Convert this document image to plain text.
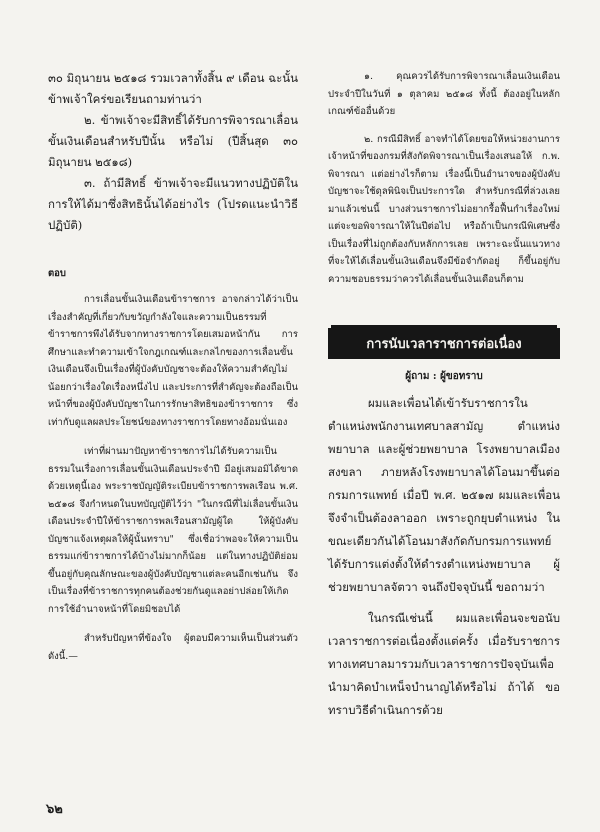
๓๐ มิถุนายน ๒๕๑๘ รวมเวลาทั้งสิ้น ๙ เดือน ฉะนั้น ข้าพเจ้าใคร่ขอเรียนถามท่านว่า

๒. ข้าพเจ้าจะมีสิทธิ์ได้รับการพิจารณาเลื่อนขั้นเงินเดือนสำหรับปีนั้น หรือไม่ (ปีสิ้นสุด ๓๐ มิถุนายน ๒๕๑๘)

๓. ถ้ามีสิทธิ์ ข้าพเจ้าจะมีแนวทางปฏิบัติในการให้ได้มาซึ่งสิทธินั้นได้อย่างไร (โปรดแนะนำวิธีปฏิบัติ)

ตอบ

การเลื่อนขั้นเงินเดือนข้าราชการ อาจกล่าวได้ว่าเป็นเรื่องสำคัญที่เกี่ยวกับขวัญกำลังใจและความเป็นธรรมที่ข้าราชการพึงได้รับจากทางราชการโดยเสมอหน้ากัน การศึกษาและทำความเข้าใจกฎเกณฑ์และกลไกของการเลื่อนขั้นเงินเดือนจึงเป็นเรื่องที่ผู้บังคับบัญชาจะต้องให้ความสำคัญไม่น้อยกว่าเรื่องใดเรื่องหนึ่งไป และประการที่สำคัญจะต้องถือเป็นหน้าที่ของผู้บังคับบัญชาในการรักษาสิทธิของข้าราชการ ซึ่งเท่ากับดูแลผลประโยชน์ของทางราชการโดยทางอ้อมนั่นเอง

เท่าที่ผ่านมาปัญหาข้าราชการไม่ได้รับความเป็นธรรมในเรื่องการเลื่อนขั้นเงินเดือนประจำปี มีอยู่เสมอมิได้ขาด ด้วยเหตุนี้เอง พระราชบัญญัติระเบียบข้าราชการพลเรือน พ.ศ. ๒๕๑๘ จึงกำหนดในบทบัญญัติไว้ว่า "ในกรณีที่ไม่เลื่อนขั้นเงินเดือนประจำปีให้ข้าราชการพลเรือนสามัญผู้ใด ให้ผู้บังคับบัญชาแจ้งเหตุผลให้ผู้นั้นทราบ" ซึ่งเชื่อว่าพอจะให้ความเป็นธรรมแก่ข้าราชการได้บ้างไม่มากก็น้อย แต่ในทางปฏิบัติย่อมขึ้นอยู่กับคุณลักษณะของผู้บังคับบัญชาแต่ละคนอีกเช่นกัน จึงเป็นเรื่องที่ข้าราชการทุกคนต้องช่วยกันดูแลอย่าปล่อยให้เกิดการใช้อำนาจหน้าที่โดยมิชอบได้

สำหรับปัญหาที่ข้องใจ ผู้ตอบมีความเห็นเป็นส่วนตัวดังนี้.—

๑. คุณควรได้รับการพิจารณาเลื่อนเงินเดือนประจำปีในวันที่ ๑ ตุลาคม ๒๕๑๘ ทั้งนี้ ต้องอยู่ในหลักเกณฑ์ข้ออื่นด้วย

๒. กรณีมีสิทธิ์ อาจทำได้โดยขอให้หน่วยงานการเจ้าหน้าที่ของกรมที่สังกัดพิจารณาเป็นเรื่องเสนอให้ ก.พ. พิจารณา แต่อย่างไรก็ตาม เรื่องนี้เป็นอำนาจของผู้บังคับบัญชาจะใช้ดุลพินิจเป็นประการใด สำหรับกรณีที่ล่วงเลยมาแล้วเช่นนี้ บางส่วนราชการไม่อยากรื้อฟื้นกำเรื่องใหม่แต่จะขอพิจารณาให้ในปีต่อไป หรือถ้าเป็นกรณีพิเศษซึ่งเป็นเรื่องที่ไม่ถูกต้องกับหลักการเลย เพราะฉะนั้นแนวทางที่จะให้ได้เลื่อนขั้นเงินเดือนจึงมีข้อจำกัดอยู่ ก็ขึ้นอยู่กับความชอบธรรมว่าควรได้เลื่อนขั้นเงินเดือนก็ตาม

การนับเวลาราชการต่อเนื่อง

ผู้ถาม : ผู้ขอทราบ

ผมและเพื่อนได้เข้ารับราชการในตำแหน่งพนักงานเทศบาลสามัญ ตำแหน่งพยาบาล และผู้ช่วยพยาบาล โรงพยาบาลเมืองสงขลา ภายหลังโรงพยาบาลได้โอนมาขึ้นต่อกรมการแพทย์ เมื่อปี พ.ศ. ๒๕๑๗ ผมและเพื่อนจึงจำเป็นต้องลาออก เพราะถูกยุบตำแหน่ง ในขณะเดียวกันได้โอนมาสังกัดกับกรมการแพทย์ ได้รับการแต่งตั้งให้ดำรงตำแหน่งพยาบาล ผู้ช่วยพยาบาลจัตวา จนถึงปัจจุบันนี้ ขอถามว่า

ในกรณีเช่นนี้ ผมและเพื่อนจะขอนับเวลาราชการต่อเนื่องตั้งแต่ครั้ง เมื่อรับราชการทางเทศบาลมารวมกับเวลาราชการปัจจุบันเพื่อนำมาคิดบำเหน็จบำนาญได้หรือไม่ ถ้าได้ ขอทราบวิธีดำเนินการด้วย

๖๒
